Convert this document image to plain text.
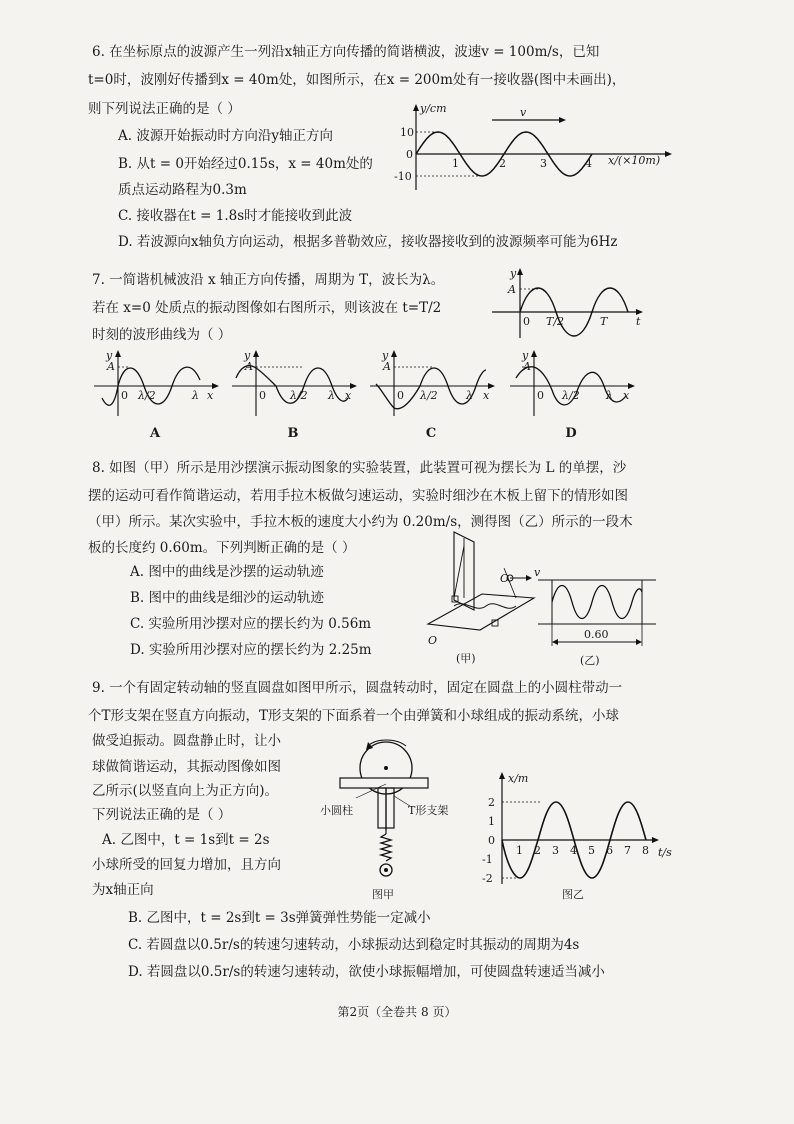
6. 在坐标原点的波源产生一列沿x轴正方向传播的简谐横波，波速v = 100m/s，已知
t=0时，波刚好传播到x = 40m处，如图所示，在x = 200m处有一接收器(图中未画出)，
则下列说法正确的是（ ）
A. 波源开始振动时方向沿y轴正方向
B. 从t = 0开始经过0.15s，x = 40m处的
质点运动路程为0.3m
C. 接收器在t = 1.8s时才能接收到此波
D. 若波源向x轴负方向运动，根据多普勒效应，接收器接收到的波源频率可能为6Hz
v
y/cm
10
0
-10
1	2	3	4 x/(×10m)
7. 一简谐机械波沿 x 轴正方向传播，周期为 T，波长为λ。
若在 x=0 处质点的振动图像如右图所示，则该波在 t=T/2
时刻的波形曲线为（ ）
y
A
0 T/2	T	t
y
A
0 λ/2	λ x
y
A
0 λ/2 λ x
y
A
0 λ/2	λ x
y
A
0 λ/2 λ x
A	B	C	D
8. 如图（甲）所示是用沙摆演示振动图象的实验装置，此装置可视为摆长为 L 的单摆，沙
摆的运动可看作简谐运动，若用手拉木板做匀速运动，实验时细沙在木板上留下的情形如图
（甲）所示。某次实验中，手拉木板的速度大小约为 0.20m/s，测得图（乙）所示的一段木
板的长度约 0.60m。下列判断正确的是（ ）
A. 图中的曲线是沙摆的运动轨迹
B. 图中的曲线是细沙的运动轨迹
C. 实验所用沙摆对应的摆长约为 0.56m
D. 实验所用沙摆对应的摆长约为 2.25m
O v
O
(甲)
0.60
(乙)
9. 一个有固定转动轴的竖直圆盘如图甲所示，圆盘转动时，固定在圆盘上的小圆柱带动一
个T形支架在竖直方向振动，T形支架的下面系着一个由弹簧和小球组成的振动系统，小球
做受迫振动。圆盘静止时，让小
球做简谐运动，其振动图像如图
乙所示(以竖直向上为正方向)。
下列说法正确的是（ ）
A. 乙图中，t = 1s到t = 2s
小球所受的回复力增加，且方向
为x轴正向
B. 乙图中，t = 2s到t = 3s弹簧弹性势能一定减小
C. 若圆盘以0.5r/s的转速匀速转动，小球振动达到稳定时其振动的周期为4s
D. 若圆盘以0.5r/s的转速匀速转动，欲使小球振幅增加，可使圆盘转速适当减小
小圆柱	T形支架
图甲
x/m
2
1
0
-1
-2
1 2 3 4 5 6 7 8 t/s
图乙
第2页（全卷共 8 页）
